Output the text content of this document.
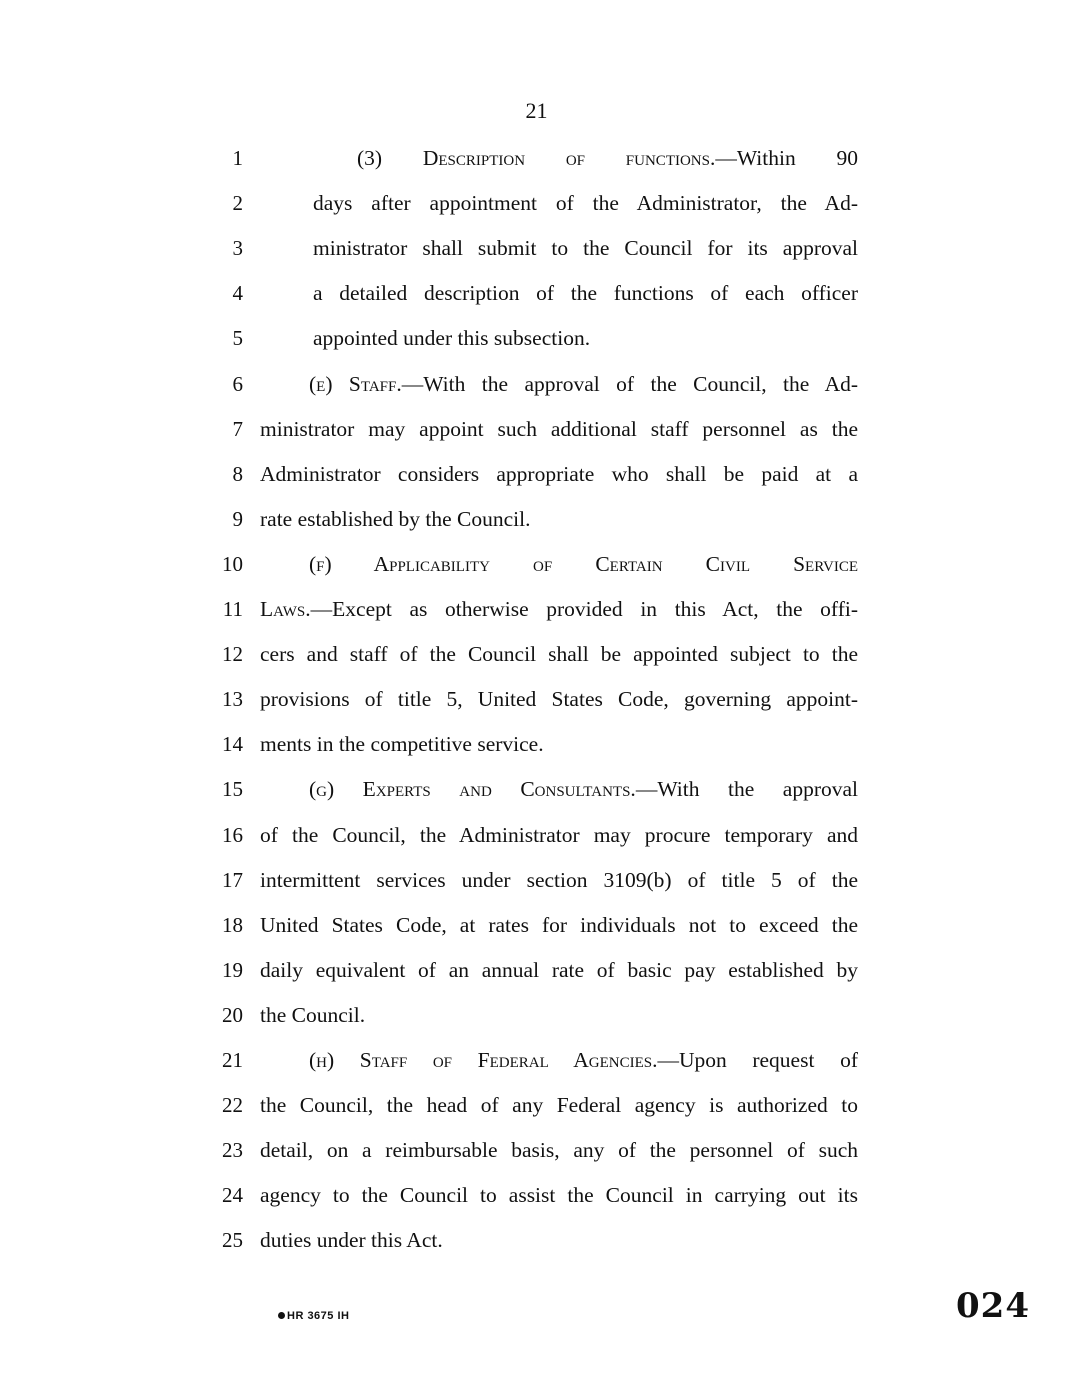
21
1	(3) Description of functions.—Within 90
2	days after appointment of the Administrator, the Ad-
3	ministrator shall submit to the Council for its approval
4	a detailed description of the functions of each officer
5	appointed under this subsection.
6	(e) Staff.—With the approval of the Council, the Ad-
7 ministrator may appoint such additional staff personnel as the
8 Administrator considers appropriate who shall be paid at a
9 rate established by the Council.
10	(f) Applicability of Certain Civil Service
11 Laws.—Except as otherwise provided in this Act, the offi-
12 cers and staff of the Council shall be appointed subject to the
13 provisions of title 5, United States Code, governing appoint-
14 ments in the competitive service.
15	(g) Experts and Consultants.—With the approval
16 of the Council, the Administrator may procure temporary and
17 intermittent services under section 3109(b) of title 5 of the
18 United States Code, at rates for individuals not to exceed the
19 daily equivalent of an annual rate of basic pay established by
20 the Council.
21	(h) Staff of Federal Agencies.—Upon request of
22 the Council, the head of any Federal agency is authorized to
23 detail, on a reimbursable basis, any of the personnel of such
24 agency to the Council to assist the Council in carrying out its
25 duties under this Act.
HR 3675 IH	024
